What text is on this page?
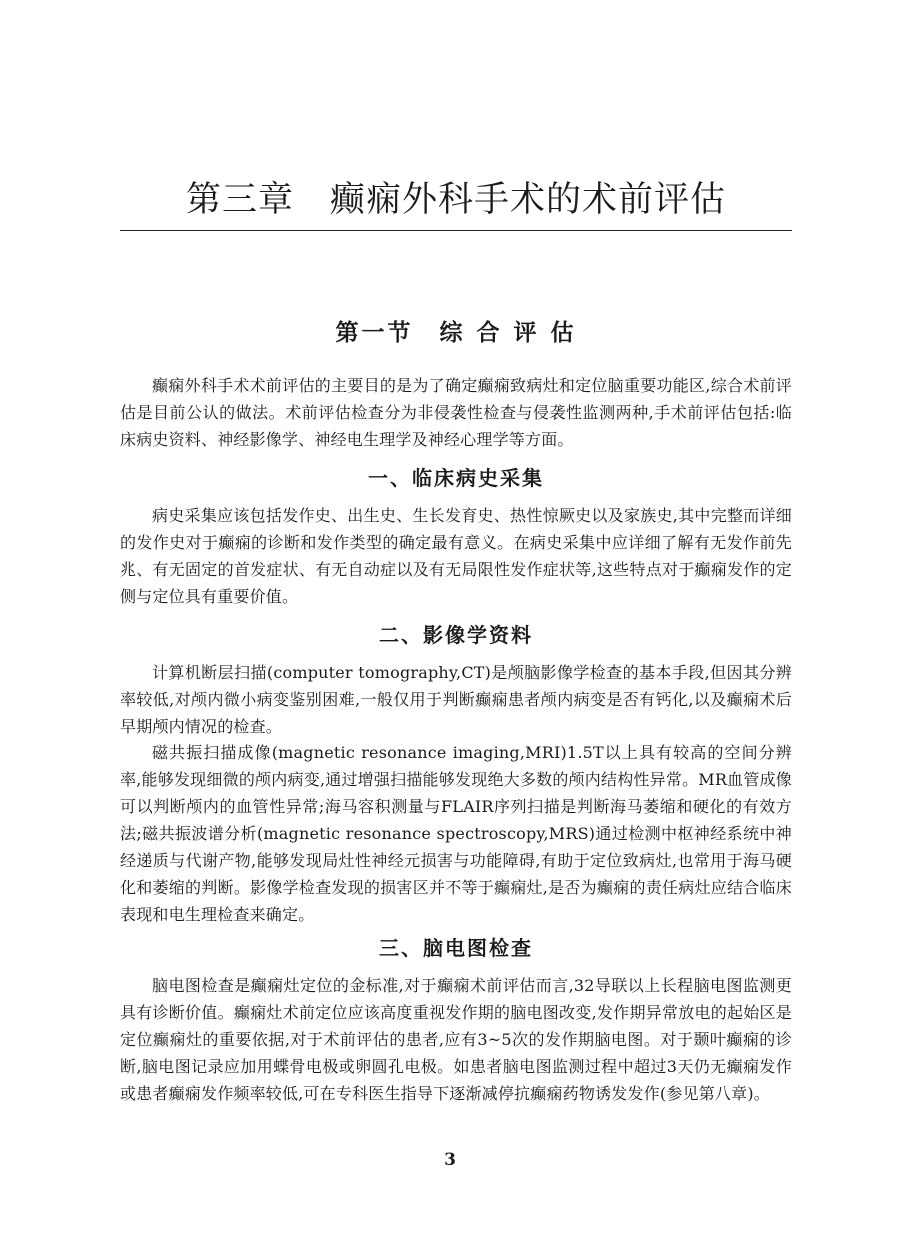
第三章　癫痫外科手术的术前评估
第一节　综 合 评 估

癫痫外科手术术前评估的主要目的是为了确定癫痫致病灶和定位脑重要功能区,综合术前评估是目前公认的做法。术前评估检查分为非侵袭性检查与侵袭性监测两种,手术前评估包括:临床病史资料、神经影像学、神经电生理学及神经心理学等方面。

一、临床病史采集

病史采集应该包括发作史、出生史、生长发育史、热性惊厥史以及家族史,其中完整而详细的发作史对于癫痫的诊断和发作类型的确定最有意义。在病史采集中应详细了解有无发作前先兆、有无固定的首发症状、有无自动症以及有无局限性发作症状等,这些特点对于癫痫发作的定侧与定位具有重要价值。

二、影像学资料

计算机断层扫描(computer tomography,CT)是颅脑影像学检查的基本手段,但因其分辨率较低,对颅内微小病变鉴别困难,一般仅用于判断癫痫患者颅内病变是否有钙化,以及癫痫术后早期颅内情况的检查。

磁共振扫描成像(magnetic resonance imaging,MRI)1.5T以上具有较高的空间分辨率,能够发现细微的颅内病变,通过增强扫描能够发现绝大多数的颅内结构性异常。MR血管成像可以判断颅内的血管性异常;海马容积测量与FLAIR序列扫描是判断海马萎缩和硬化的有效方法;磁共振波谱分析(magnetic resonance spectroscopy,MRS)通过检测中枢神经系统中神经递质与代谢产物,能够发现局灶性神经元损害与功能障碍,有助于定位致病灶,也常用于海马硬化和萎缩的判断。影像学检查发现的损害区并不等于癫痫灶,是否为癫痫的责任病灶应结合临床表现和电生理检查来确定。

三、脑电图检查

脑电图检查是癫痫灶定位的金标准,对于癫痫术前评估而言,32导联以上长程脑电图监测更具有诊断价值。癫痫灶术前定位应该高度重视发作期的脑电图改变,发作期异常放电的起始区是定位癫痫灶的重要依据,对于术前评估的患者,应有3~5次的发作期脑电图。对于颞叶癫痫的诊断,脑电图记录应加用蝶骨电极或卵圆孔电极。如患者脑电图监测过程中超过3天仍无癫痫发作或患者癫痫发作频率较低,可在专科医生指导下逐渐减停抗癫痫药物诱发发作(参见第八章)。

3
